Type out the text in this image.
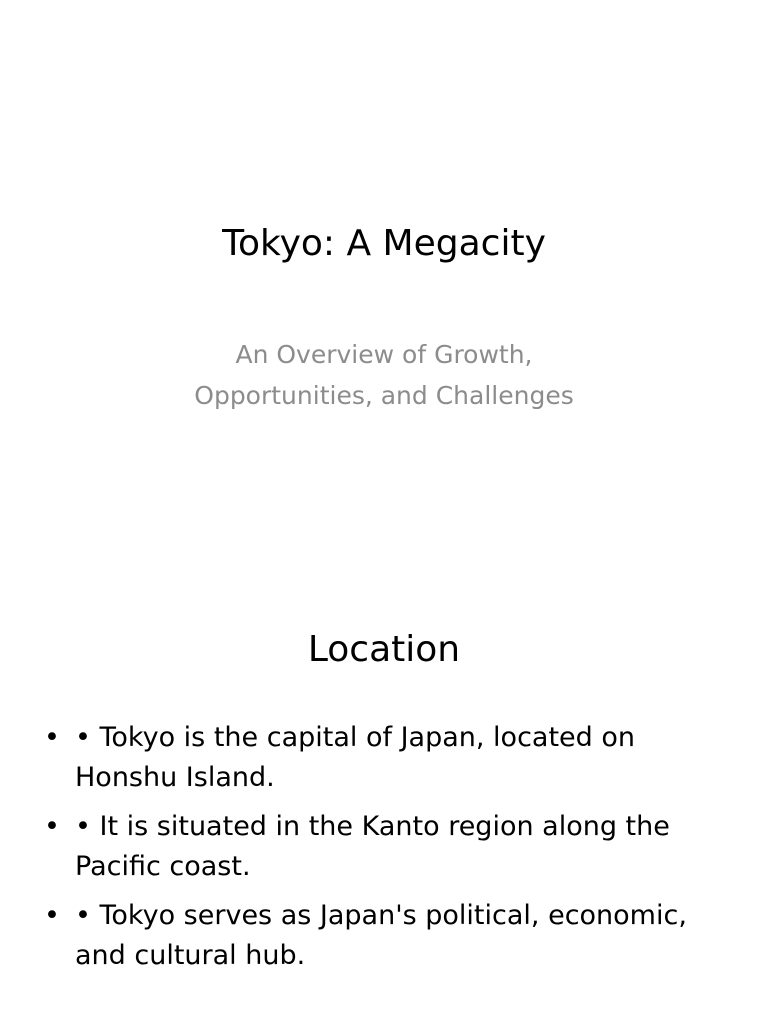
Tokyo: A Megacity
An Overview of Growth,
Opportunities, and Challenges
Location
• • Tokyo is the capital of Japan, located on
Honshu Island.
• • It is situated in the Kanto region along the
Pacific coast.
• • Tokyo serves as Japan's political, economic,
and cultural hub.
